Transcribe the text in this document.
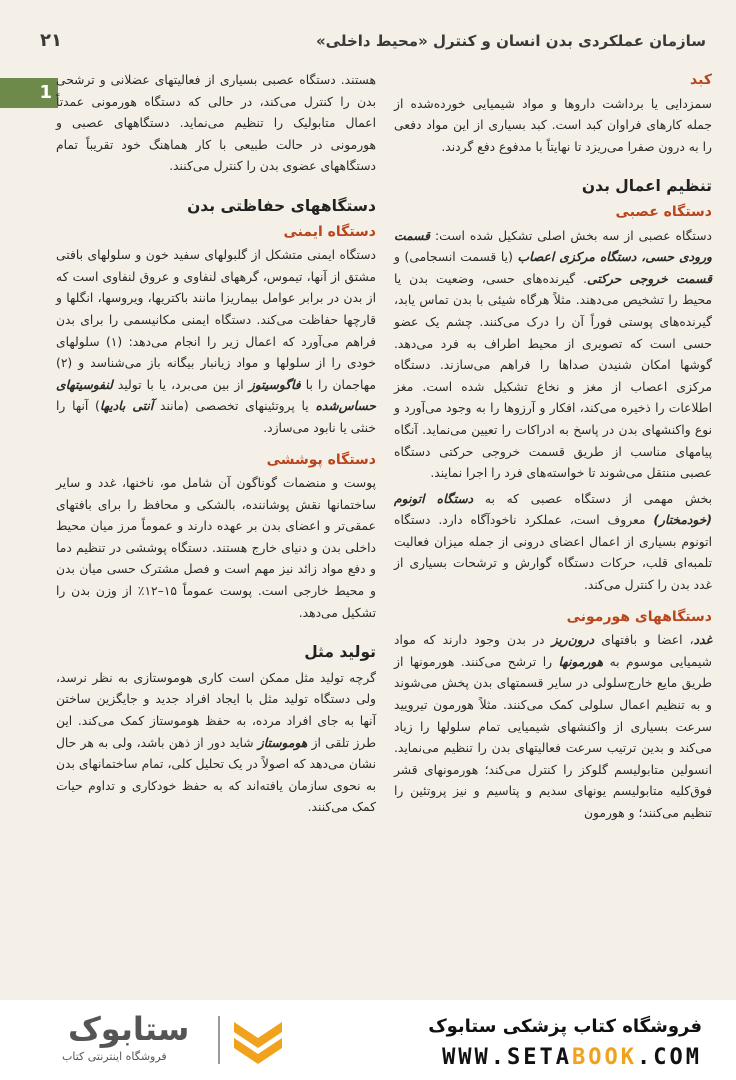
سازمان عملکردی بدن انسان و کنترل «محیط داخلی»
۲۱
1
کبد

سمزدایی یا برداشت داروها و مواد شیمیایی خورده‌شده از جمله کارهای فراوان کبد است. کبد بسیاری از این مواد دفعی را به درون صفرا می‌ریزد تا نهایتاً با مدفوع دفع گردند.

تنظیم اعمال بدن
دستگاه عصبی

دستگاه عصبی از سه بخش اصلی تشکیل شده است: قسمت ورودی حسی، دستگاه مرکزی اعصاب (یا قسمت انسجامی) و قسمت خروجی حرکتی. گیرنده‌های حسی، وضعیت بدن یا محیط را تشخیص می‌دهند. مثلاً هرگاه شیئی با بدن تماس یابد، گیرنده‌های پوستی فوراً آن را درک می‌کنند. چشم یک عضو حسی است که تصویری از محیط اطراف به فرد می‌دهد. گوشها امکان شنیدن صداها را فراهم می‌سازند. دستگاه مرکزی اعصاب از مغز و نخاع تشکیل شده است. مغز اطلاعات را ذخیره می‌کند، افکار و آرزوها را به وجود می‌آورد و نوع واکنشهای بدن در پاسخ به ادراکات را تعیین می‌نماید. آنگاه پیامهای مناسب از طریق قسمت خروجی حرکتی دستگاه عصبی منتقل می‌شوند تا خواسته‌های فرد را اجرا نمایند.

بخش مهمی از دستگاه عصبی که به دستگاه اتونوم (خودمختار) معروف است، عملکرد ناخودآگاه دارد. دستگاه اتونوم بسیاری از اعمال اعضای درونی از جمله میزان فعالیت تلمبه‌ای قلب، حرکات دستگاه گوارش و ترشحات بسیاری از غدد بدن را کنترل می‌کند.

دستگاههای هورمونی

غدد، اعضا و بافتهای درون‌ریز در بدن وجود دارند که مواد شیمیایی موسوم به هورمونها را ترشح می‌کنند. هورمونها از طریق مایع خارج‌سلولی در سایر قسمتهای بدن پخش می‌شوند و به تنظیم اعمال سلولی کمک می‌کنند. مثلاً هورمون تیرویید سرعت بسیاری از واکنشهای شیمیایی تمام سلولها را زیاد می‌کند و بدین ترتیب سرعت فعالیتهای بدن را تنظیم می‌نماید. انسولین متابولیسم گلوکز را کنترل می‌کند؛ هورمونهای قشر فوق‌کلیه متابولیسم یونهای سدیم و پتاسیم و نیز پروتئین را تنظیم می‌کنند؛ و هورمون

هستند. دستگاه عصبی بسیاری از فعالیتهای عضلانی و ترشحی بدن را کنترل می‌کند، در حالی که دستگاه هورمونی عمدتاً اعمال متابولیک را تنظیم می‌نماید. دستگاههای عصبی و هورمونی در حالت طبیعی با کار هماهنگ خود تقریباً تمام دستگاههای عضوی بدن را کنترل می‌کنند.

دستگاههای حفاظتی بدن
دستگاه ایمنی

دستگاه ایمنی متشکل از گلبولهای سفید خون و سلولهای بافتی مشتق از آنها، تیموس، گرههای لنفاوی و عروق لنفاوی است که از بدن در برابر عوامل بیماریزا مانند باکتریها، ویروسها، انگلها و قارچها حفاظت می‌کند. دستگاه ایمنی مکانیسمی را برای بدن فراهم می‌آورد که اعمال زیر را انجام می‌دهد: (۱) سلولهای خودی را از سلولها و مواد زیانبار بیگانه باز می‌شناسد و (۲) مهاجمان را با فاگوسیتوز از بین می‌برد، یا با تولید لنفوسیتهای حساس‌شده یا پروتئینهای تخصصی (مانند آنتی بادیها) آنها را خنثی یا نابود می‌سازد.

دستگاه پوششی

پوست و منضمات گوناگون آن شامل مو، ناخنها، غدد و سایر ساختمانها نقش پوشاننده، بالشکی و محافظ را برای بافتهای عمقی‌تر و اعضای بدن بر عهده دارند و عموماً مرز میان محیط داخلی بدن و دنیای خارج هستند. دستگاه پوششی در تنظیم دما و دفع مواد زائد نیز مهم است و فصل مشترک حسی میان بدن و محیط خارجی است. پوست عموماً ۱۵–۱۲٪ از وزن بدن را تشکیل می‌دهد.

تولید مثل

گرچه تولید مثل ممکن است کاری هوموستازی به نظر نرسد، ولی دستگاه تولید مثل با ایجاد افراد جدید و جایگزین ساختن آنها به جای افراد مرده، به حفظ هوموستاز کمک می‌کند. این طرز تلقی از هوموستاز شاید دور از ذهن باشد، ولی به هر حال نشان می‌دهد که اصولاً در یک تحلیل کلی، تمام ساختمانهای بدن به نحوی سازمان یافته‌اند که به حفظ خودکاری و تداوم حیات کمک می‌کنند.

ستابوک
فروشگاه اینترنتی کتاب
فروشگاه کتاب پزشکی ستابوک
WWW.SETABOOK.COM
